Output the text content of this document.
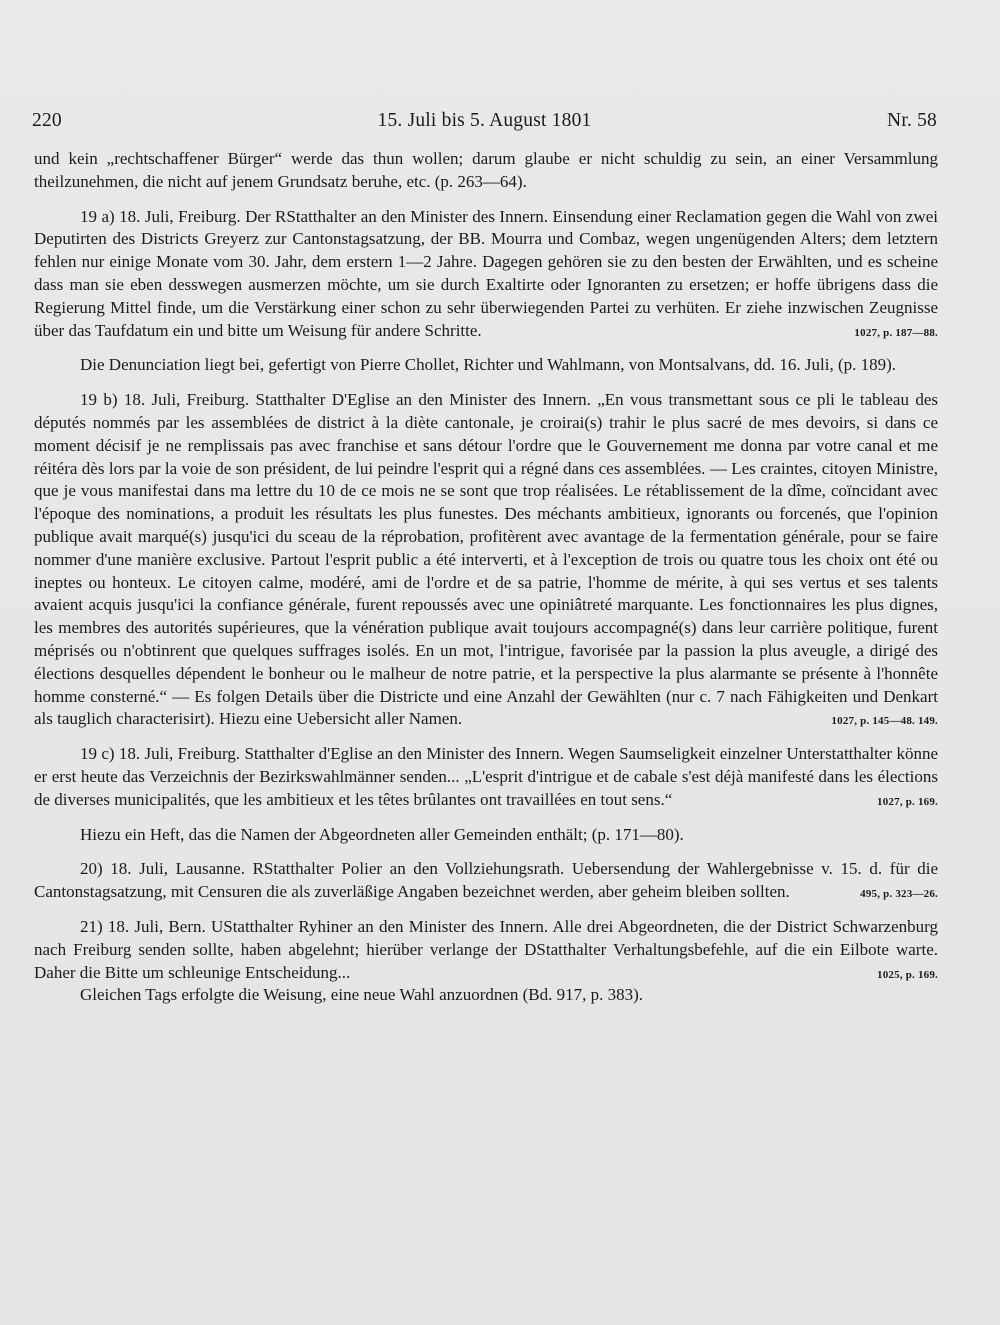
220	15. Juli bis 5. August 1801	Nr. 58

und kein „rechtschaffener Bürger“ werde das thun wollen; darum glaube er nicht schuldig zu sein, an einer Versammlung theilzunehmen, die nicht auf jenem Grundsatz beruhe, etc. (p. 263—64).

19 a) 18. Juli, Freiburg. Der RStatthalter an den Minister des Innern. Einsendung einer Reclamation gegen die Wahl von zwei Deputirten des Districts Greyerz zur Cantonstagsatzung, der BB. Mourra und Combaz, wegen ungenügenden Alters; dem letztern fehlen nur einige Monate vom 30. Jahr, dem erstern 1—2 Jahre. Dagegen gehören sie zu den besten der Erwählten, und es scheine dass man sie eben desswegen ausmerzen möchte, um sie durch Exaltirte oder Ignoranten zu ersetzen; er hoffe übrigens dass die Regierung Mittel finde, um die Verstärkung einer schon zu sehr überwiegenden Partei zu verhüten. Er ziehe inzwischen Zeugnisse über das Taufdatum ein und bitte um Weisung für andere Schritte.	1027, p. 187—88.

Die Denunciation liegt bei, gefertigt von Pierre Chollet, Richter und Wahlmann, von Montsalvans, dd. 16. Juli, (p. 189).

19 b) 18. Juli, Freiburg. Statthalter D'Eglise an den Minister des Innern. „En vous transmettant sous ce pli le tableau des députés nommés par les assemblées de district à la diète cantonale, je croirai(s) trahir le plus sacré de mes devoirs, si dans ce moment décisif je ne remplissais pas avec franchise et sans détour l'ordre que le Gouvernement me donna par votre canal et me réitéra dès lors par la voie de son président, de lui peindre l'esprit qui a régné dans ces assemblées. — Les craintes, citoyen Ministre, que je vous manifestai dans ma lettre du 10 de ce mois ne se sont que trop réalisées. Le rétablissement de la dîme, coïncidant avec l'époque des nominations, a produit les résultats les plus funestes. Des méchants ambitieux, ignorants ou forcenés, que l'opinion publique avait marqué(s) jusqu'ici du sceau de la réprobation, profitèrent avec avantage de la fermentation générale, pour se faire nommer d'une manière exclusive. Partout l'esprit public a été interverti, et à l'exception de trois ou quatre tous les choix ont été ou ineptes ou honteux. Le citoyen calme, modéré, ami de l'ordre et de sa patrie, l'homme de mérite, à qui ses vertus et ses talents avaient acquis jusqu'ici la confiance générale, furent repoussés avec une opiniâtreté marquante. Les fonctionnaires les plus dignes, les membres des autorités supérieures, que la vénération publique avait toujours accompagné(s) dans leur carrière politique, furent méprisés ou n'obtinrent que quelques suffrages isolés. En un mot, l'intrigue, favorisée par la passion la plus aveugle, a dirigé des élections desquelles dépendent le bonheur ou le malheur de notre patrie, et la perspective la plus alarmante se présente à l'honnête homme consterné.“ — Es folgen Details über die Districte und eine Anzahl der Gewählten (nur c. 7 nach Fähigkeiten und Denkart als tauglich characterisirt). Hiezu eine Uebersicht aller Namen.	1027, p. 145—48. 149.

19 c) 18. Juli, Freiburg. Statthalter d'Eglise an den Minister des Innern. Wegen Saumseligkeit einzelner Unterstatthalter könne er erst heute das Verzeichnis der Bezirkswahlmänner senden... „L'esprit d'intrigue et de cabale s'est déjà manifesté dans les élections de diverses municipalités, que les ambitieux et les têtes brûlantes ont travaillées en tout sens.“	1027, p. 169.

Hiezu ein Heft, das die Namen der Abgeordneten aller Gemeinden enthält; (p. 171—80).

20) 18. Juli, Lausanne. RStatthalter Polier an den Vollziehungsrath. Uebersendung der Wahlergebnisse v. 15. d. für die Cantonstagsatzung, mit Censuren die als zuverläßige Angaben bezeichnet werden, aber geheim bleiben sollten.	495, p. 323—26.

21) 18. Juli, Bern. UStatthalter Ryhiner an den Minister des Innern. Alle drei Abgeordneten, die der District Schwarzenburg nach Freiburg senden sollte, haben abgelehnt; hierüber verlange der DStatthalter Verhaltungsbefehle, auf die ein Eilbote warte. Daher die Bitte um schleunige Entscheidung...	1025, p. 169.

Gleichen Tags erfolgte die Weisung, eine neue Wahl anzuordnen (Bd. 917, p. 383).
